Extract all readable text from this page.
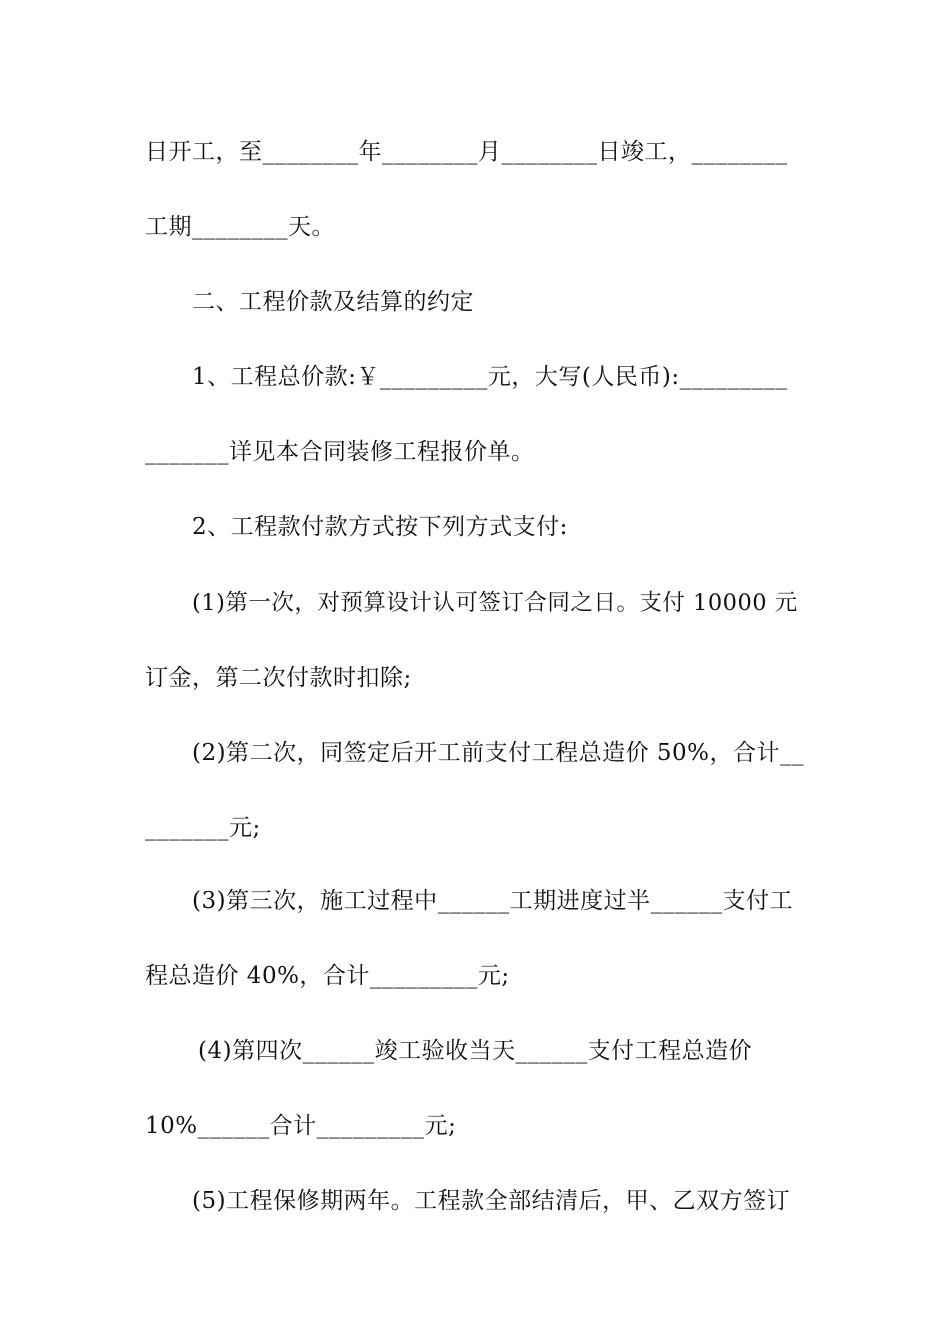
日开工，至________年________月________日竣工，________
工期________天。
二、工程价款及结算的约定
1、工程总价款:￥_________元，大写(人民币):_________
_______详见本合同装修工程报价单。
2、工程款付款方式按下列方式支付:
(1)第一次，对预算设计认可签订合同之日。支付 10000 元
订金，第二次付款时扣除;
(2)第二次，同签定后开工前支付工程总造价 50%，合计__
_______元;
(3)第三次，施工过程中______工期进度过半______支付工
程总造价 40%，合计_________元;
(4)第四次______竣工验收当天______支付工程总造价
10%______合计_________元;
(5)工程保修期两年。工程款全部结清后，甲、乙双方签订
